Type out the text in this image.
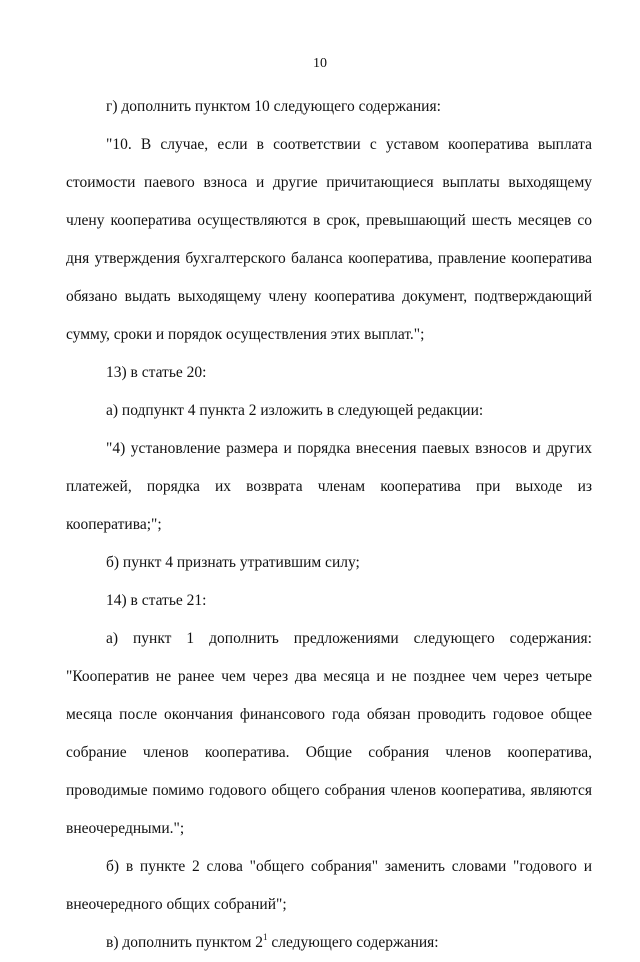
10

г) дополнить пунктом 10 следующего содержания:

"10. В случае, если в соответствии с уставом кооператива выплата стоимости паевого взноса и другие причитающиеся выплаты выходящему члену кооператива осуществляются в срок, превышающий шесть месяцев со дня утверждения бухгалтерского баланса кооператива, правление кооператива обязано выдать выходящему члену кооператива документ, подтверждающий сумму, сроки и порядок осуществления этих выплат.";

13) в статье 20:

а) подпункт 4 пункта 2 изложить в следующей редакции:

"4) установление размера и порядка внесения паевых взносов и других платежей, порядка их возврата членам кооператива при выходе из кооператива;";

б) пункт 4 признать утратившим силу;

14) в статье 21:

а) пункт 1 дополнить предложениями следующего содержания: "Кооператив не ранее чем через два месяца и не позднее чем через четыре месяца после окончания финансового года обязан проводить годовое общее собрание членов кооператива. Общие собрания членов кооператива, проводимые помимо годового общего собрания членов кооператива, являются внеочередными.";

б) в пункте 2 слова "общего собрания" заменить словами "годового и внеочередного общих собраний";

в) дополнить пунктом $2^1$ следующего содержания:
